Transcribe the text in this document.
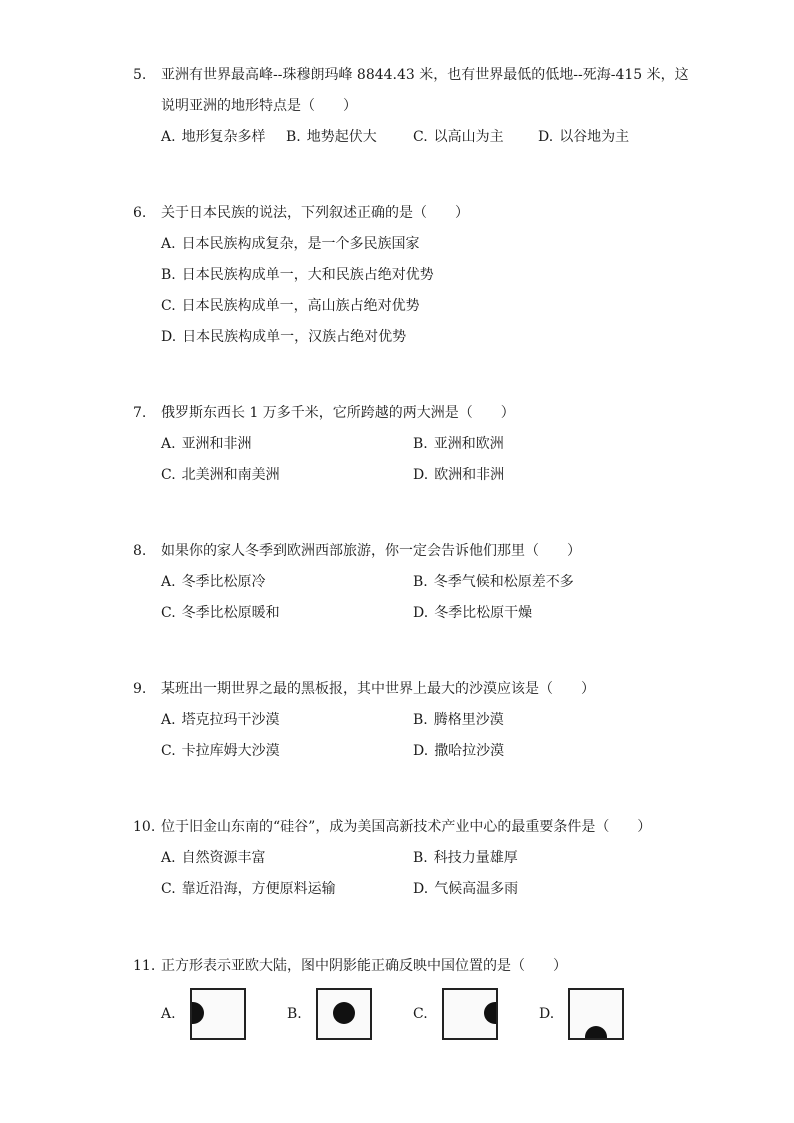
5.	亚洲有世界最高峰--珠穆朗玛峰 8844.43 米，也有世界最低的低地--死海-415 米，这说明亚洲的地形特点是（　　）
A. 地形复杂多样	B. 地势起伏大	C. 以高山为主	D. 以谷地为主
6.	关于日本民族的说法，下列叙述正确的是（　　）
A. 日本民族构成复杂，是一个多民族国家
B. 日本民族构成单一，大和民族占绝对优势
C. 日本民族构成单一，高山族占绝对优势
D. 日本民族构成单一，汉族占绝对优势
7.	俄罗斯东西长 1 万多千米，它所跨越的两大洲是（　　）
A. 亚洲和非洲	B. 亚洲和欧洲
C. 北美洲和南美洲	D. 欧洲和非洲
8.	如果你的家人冬季到欧洲西部旅游，你一定会告诉他们那里（　　）
A. 冬季比松原冷	B. 冬季气候和松原差不多
C. 冬季比松原暖和	D. 冬季比松原干燥
9.	某班出一期世界之最的黑板报，其中世界上最大的沙漠应该是（　　）
A. 塔克拉玛干沙漠	B. 腾格里沙漠
C. 卡拉库姆大沙漠	D. 撒哈拉沙漠
10. 位于旧金山东南的“硅谷”，成为美国高新技术产业中心的最重要条件是（　　）
A. 自然资源丰富	B. 科技力量雄厚
C. 靠近沿海，方便原料运输	D. 气候高温多雨
11. 正方形表示亚欧大陆，图中阴影能正确反映中国位置的是（　　）
A.	B.	C.	D.
